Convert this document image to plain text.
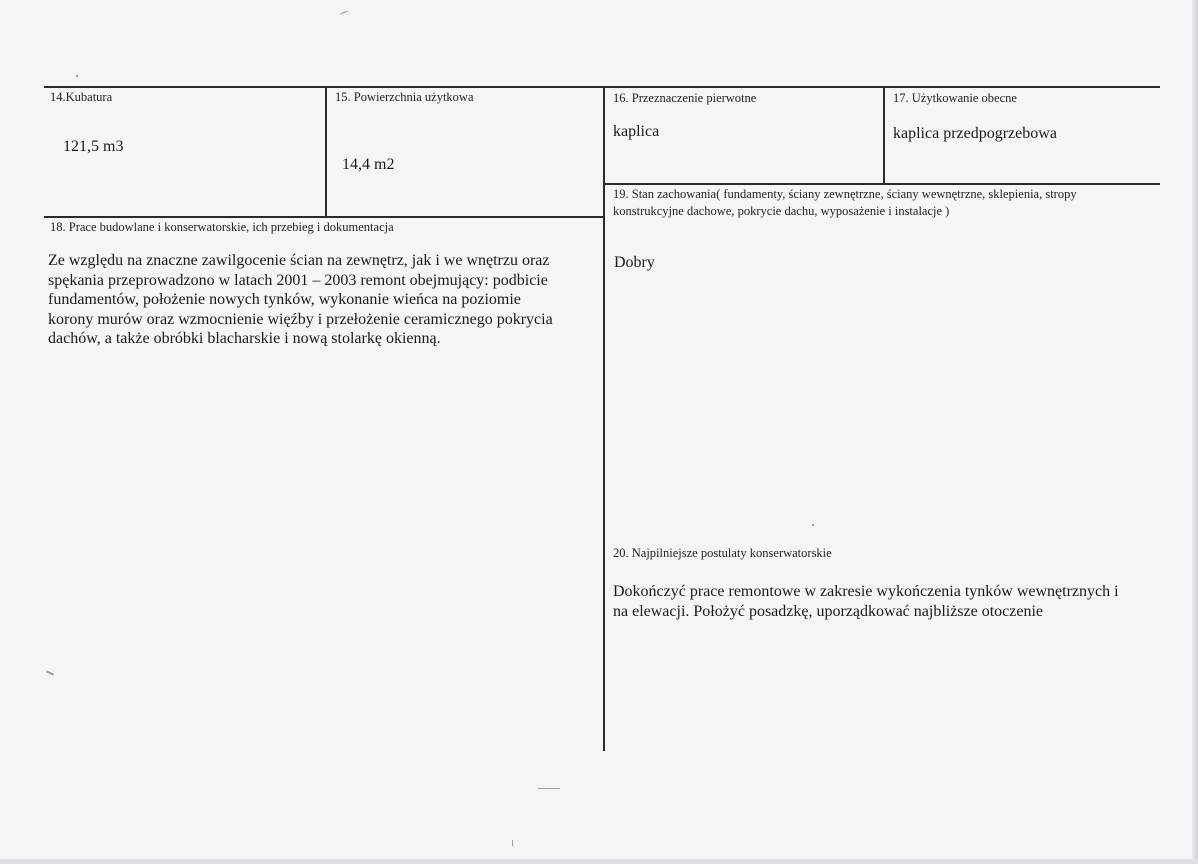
14.Kubatura
121,5 m3
15. Powierzchnia użytkowa
14,4 m2
16. Przeznaczenie pierwotne
kaplica
17. Użytkowanie obecne
kaplica przedpogrzebowa
19. Stan zachowania( fundamenty, ściany zewnętrzne, ściany wewnętrzne, sklepienia, stropy
konstrukcyjne dachowe, pokrycie dachu, wyposażenie i instalacje )
Dobry
18. Prace budowlane i konserwatorskie, ich przebieg i dokumentacja
Ze względu na znaczne zawilgocenie ścian na zewnętrz, jak i we wnętrzu oraz
spękania przeprowadzono w latach 2001 – 2003 remont obejmujący: podbicie
fundamentów, położenie nowych tynków, wykonanie wieńca na poziomie
korony murów oraz wzmocnienie więźby i przełożenie ceramicznego pokrycia
dachów, a także obróbki blacharskie i nową stolarkę okienną.
20. Najpilniejsze postulaty konserwatorskie
Dokończyć prace remontowe w zakresie wykończenia tynków wewnętrznych i
na elewacji. Położyć posadzkę, uporządkować najbliższe otoczenie
